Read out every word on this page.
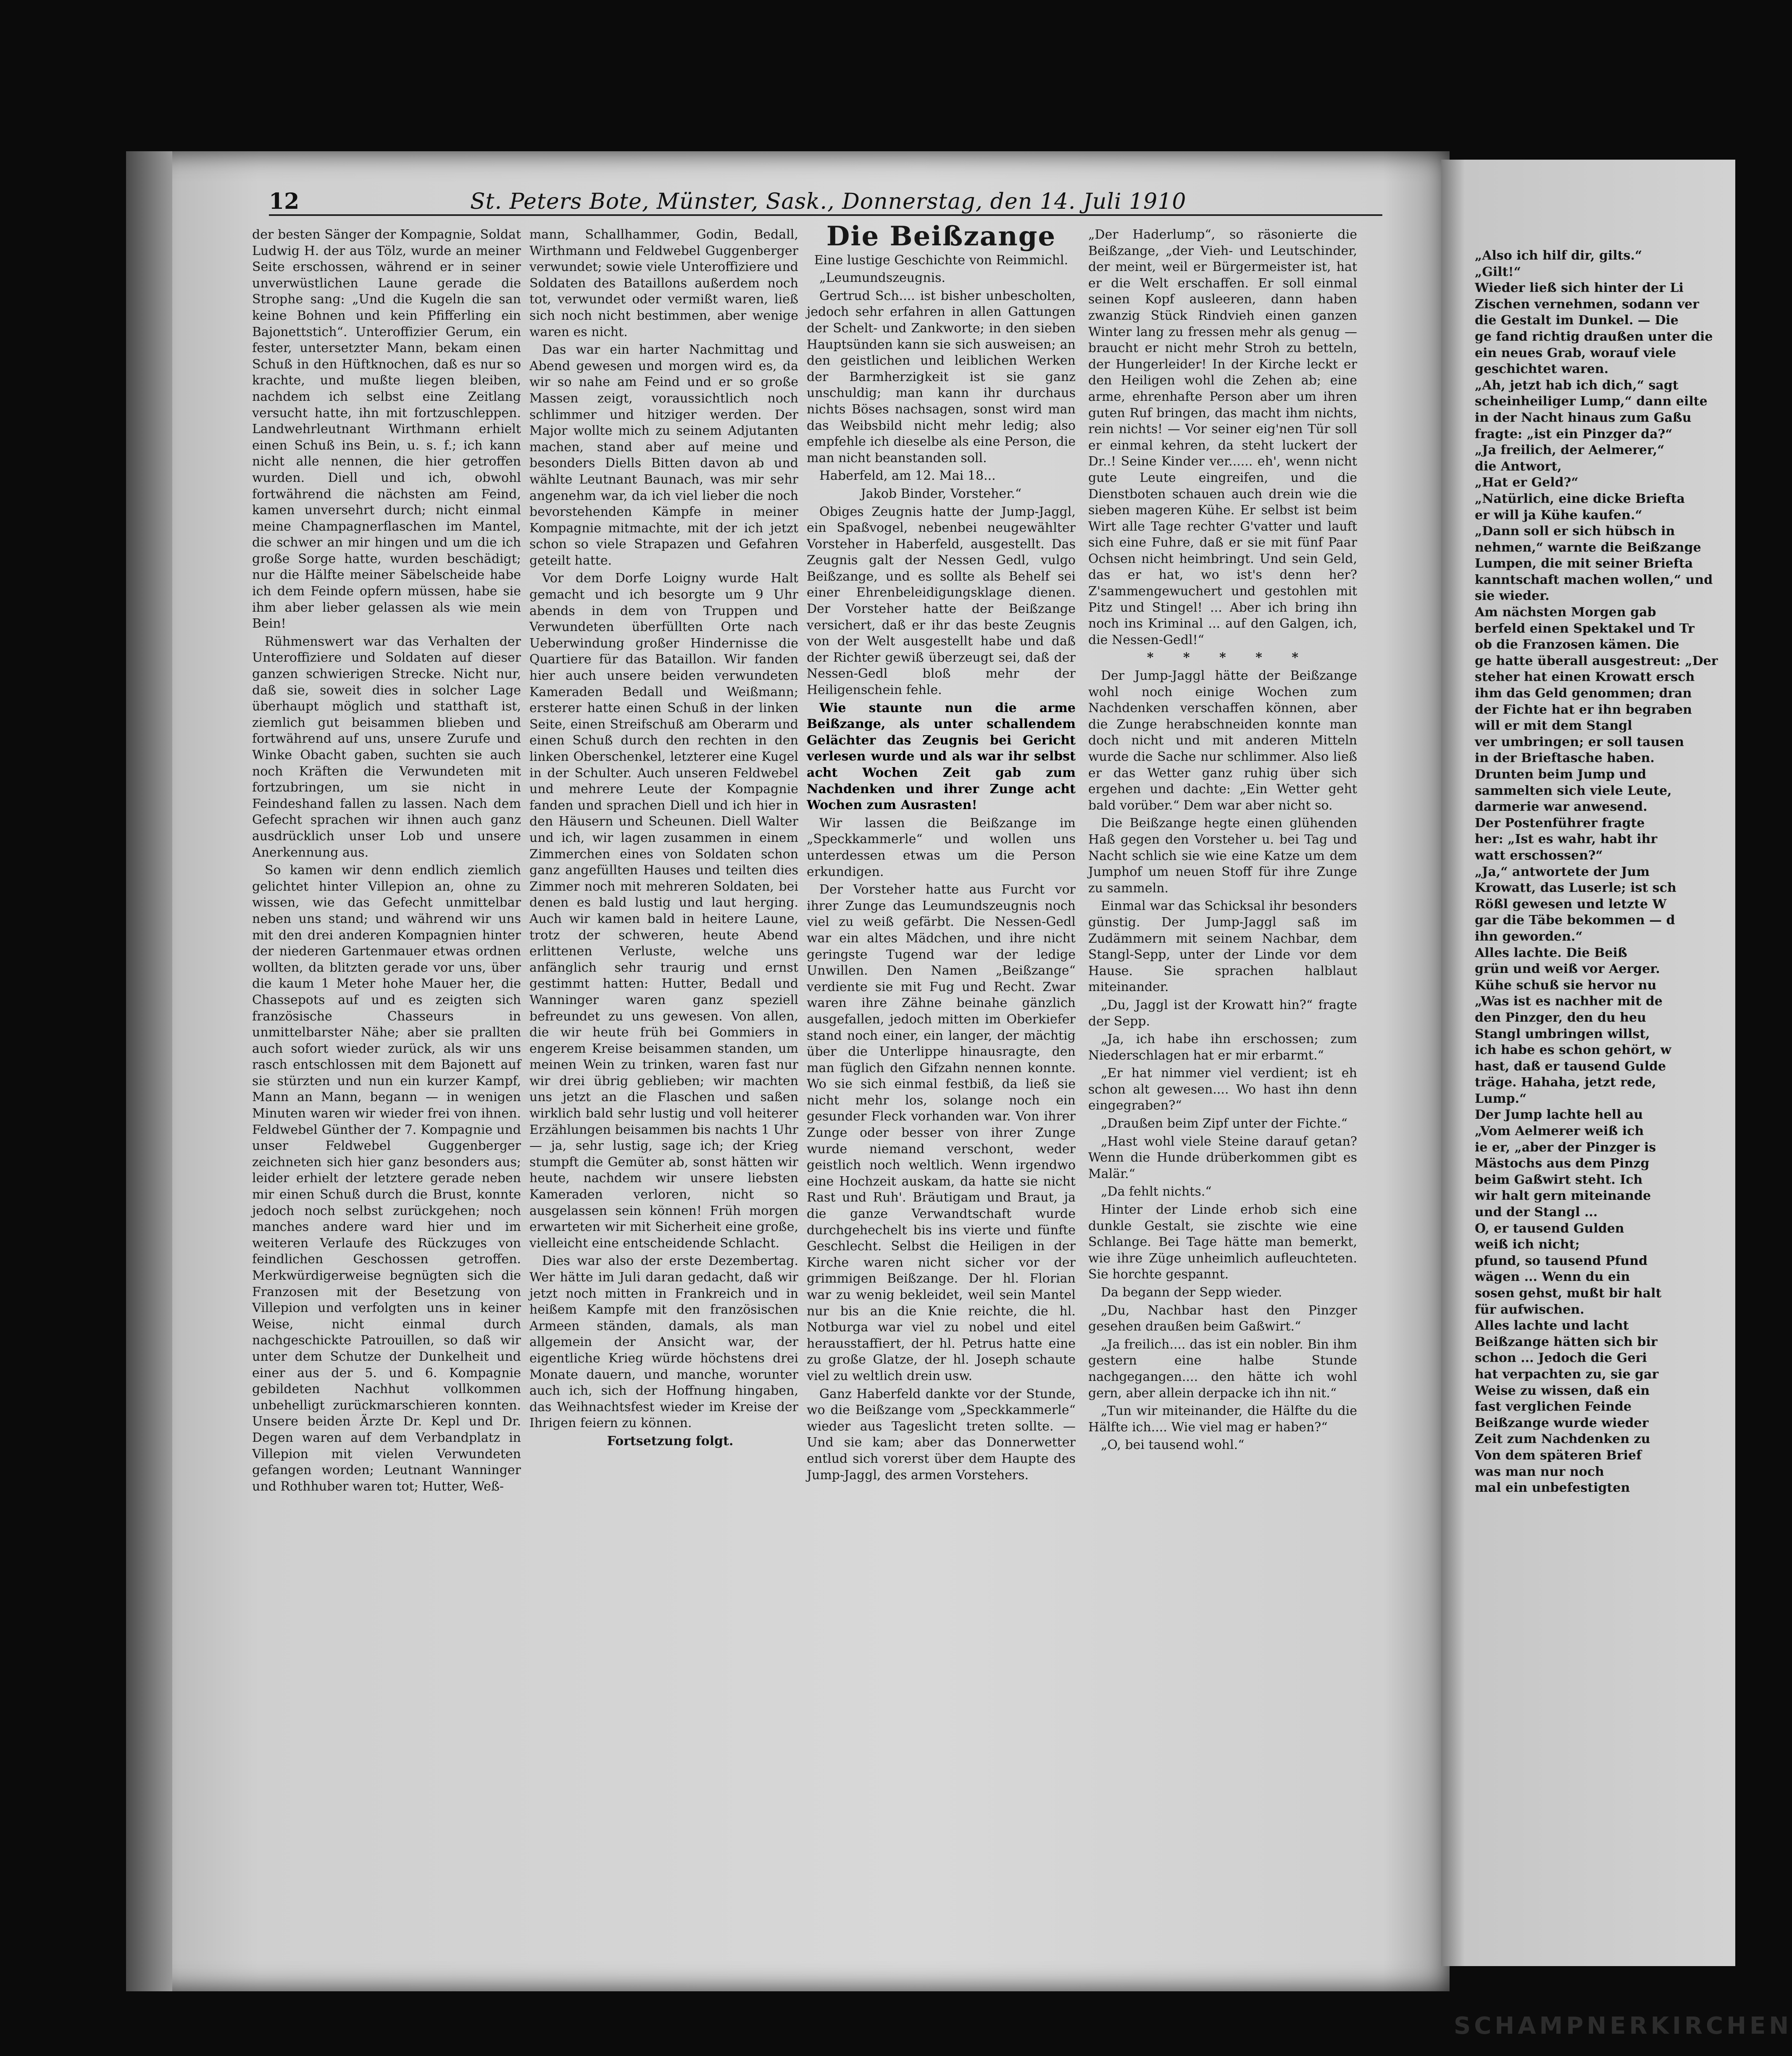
12	St. Peters Bote, Münster, Sask., Donnerstag, den 14. Juli 1910

der besten Sänger der Kompagnie, Soldat Ludwig H. der aus Tölz, wurde an meiner Seite erschossen, während er in seiner unverwüstlichen Laune gerade die Strophe sang: „Und die Kugeln die san keine Bohnen und kein Pfifferling ein Bajonettstich“. Unteroffizier Gerum, ein fester, untersetzter Mann, bekam einen Schuß in den Hüftknochen, daß es nur so krachte, und mußte liegen bleiben, nachdem ich selbst eine Zeitlang versucht hatte, ihn mit fortzuschleppen. Landwehrleutnant Wirthmann erhielt einen Schuß ins Bein, u. s. f.; ich kann nicht alle nennen, die hier getroffen wurden. Diell und ich, obwohl fortwährend die nächsten am Feind, kamen unversehrt durch; nicht einmal meine Champagnerflaschen im Mantel, die schwer an mir hingen und um die ich große Sorge hatte, wurden beschädigt; nur die Hälfte meiner Säbelscheide habe ich dem Feinde opfern müssen, habe sie ihm aber lieber gelassen als wie mein Bein!

Rühmenswert war das Verhalten der Unteroffiziere und Soldaten auf dieser ganzen schwierigen Strecke. Nicht nur, daß sie, soweit dies in solcher Lage überhaupt möglich und statthaft ist, ziemlich gut beisammen blieben und fortwährend auf uns, unsere Zurufe und Winke Obacht gaben, suchten sie auch noch Kräften die Verwundeten mit fortzubringen, um sie nicht in Feindeshand fallen zu lassen. Nach dem Gefecht sprachen wir ihnen auch ganz ausdrücklich unser Lob und unsere Anerkennung aus.

So kamen wir denn endlich ziemlich gelichtet hinter Villepion an, ohne zu wissen, wie das Gefecht unmittelbar neben uns stand; und während wir uns mit den drei anderen Kompagnien hinter der niederen Gartenmauer etwas ordnen wollten, da blitzten gerade vor uns, über die kaum 1 Meter hohe Mauer her, die Chassepots auf und es zeigten sich französische Chasseurs in unmittelbarster Nähe; aber sie prallten auch sofort wieder zurück, als wir uns rasch entschlossen mit dem Bajonett auf sie stürzten und nun ein kurzer Kampf, Mann an Mann, begann — in wenigen Minuten waren wir wieder frei von ihnen. Feldwebel Günther der 7. Kompagnie und unser Feldwebel Guggenberger zeichneten sich hier ganz besonders aus; leider erhielt der letztere gerade neben mir einen Schuß durch die Brust, konnte jedoch noch selbst zurückgehen; noch manches andere ward hier und im weiteren Verlaufe des Rückzuges von feindlichen Geschossen getroffen. Merkwürdigerweise begnügten sich die Franzosen mit der Besetzung von Villepion und verfolgten uns in keiner Weise, nicht einmal durch nachgeschickte Patrouillen, so daß wir unter dem Schutze der Dunkelheit und einer aus der 5. und 6. Kompagnie gebildeten Nachhut vollkommen unbehelligt zurückmarschieren konnten. Unsere beiden Ärzte Dr. Kepl und Dr. Degen waren auf dem Verbandplatz in Villepion mit vielen Verwundeten gefangen worden; Leutnant Wanninger und Rothhuber waren tot; Hutter, Weß-

mann, Schallhammer, Godin, Bedall, Wirthmann und Feldwebel Guggenberger verwundet; sowie viele Unteroffiziere und Soldaten des Bataillons außerdem noch tot, verwundet oder vermißt waren, ließ sich noch nicht bestimmen, aber wenige waren es nicht.

Das war ein harter Nachmittag und Abend gewesen und morgen wird es, da wir so nahe am Feind und er so große Massen zeigt, voraussichtlich noch schlimmer und hitziger werden. Der Major wollte mich zu seinem Adjutanten machen, stand aber auf meine und besonders Diells Bitten davon ab und wählte Leutnant Baunach, was mir sehr angenehm war, da ich viel lieber die noch bevorstehenden Kämpfe in meiner Kompagnie mitmachte, mit der ich jetzt schon so viele Strapazen und Gefahren geteilt hatte.

Vor dem Dorfe Loigny wurde Halt gemacht und ich besorgte um 9 Uhr abends in dem von Truppen und Verwundeten überfüllten Orte nach Ueberwindung großer Hindernisse die Quartiere für das Bataillon. Wir fanden hier auch unsere beiden verwundeten Kameraden Bedall und Weißmann; ersterer hatte einen Schuß in der linken Seite, einen Streifschuß am Oberarm und einen Schuß durch den rechten in den linken Oberschenkel, letzterer eine Kugel in der Schulter. Auch unseren Feldwebel und mehrere Leute der Kompagnie fanden und sprachen Diell und ich hier in den Häusern und Scheunen. Diell Walter und ich, wir lagen zusammen in einem Zimmerchen eines von Soldaten schon ganz angefüllten Hauses und teilten dies Zimmer noch mit mehreren Soldaten, bei denen es bald lustig und laut herging. Auch wir kamen bald in heitere Laune, trotz der schweren, heute Abend erlittenen Verluste, welche uns anfänglich sehr traurig und ernst gestimmt hatten: Hutter, Bedall und Wanninger waren ganz speziell befreundet zu uns gewesen. Von allen, die wir heute früh bei Gommiers in engerem Kreise beisammen standen, um meinen Wein zu trinken, waren fast nur wir drei übrig geblieben; wir machten uns jetzt an die Flaschen und saßen wirklich bald sehr lustig und voll heiterer Erzählungen beisammen bis nachts 1 Uhr — ja, sehr lustig, sage ich; der Krieg stumpft die Gemüter ab, sonst hätten wir heute, nachdem wir unsere liebsten Kameraden verloren, nicht so ausgelassen sein können! Früh morgen erwarteten wir mit Sicherheit eine große, vielleicht eine entscheidende Schlacht.

Dies war also der erste Dezembertag. Wer hätte im Juli daran gedacht, daß wir jetzt noch mitten in Frankreich und in heißem Kampfe mit den französischen Armeen ständen, damals, als man allgemein der Ansicht war, der eigentliche Krieg würde höchstens drei Monate dauern, und manche, worunter auch ich, sich der Hoffnung hingaben, das Weihnachtsfest wieder im Kreise der Ihrigen feiern zu können.

Fortsetzung folgt.

Die Beißzange

Eine lustige Geschichte von Reimmichl.

„Leumundszeugnis.

Gertrud Sch.... ist bisher unbescholten, jedoch sehr erfahren in allen Gattungen der Schelt- und Zankworte; in den sieben Hauptsünden kann sie sich ausweisen; an den geistlichen und leiblichen Werken der Barmherzigkeit ist sie ganz unschuldig; man kann ihr durchaus nichts Böses nachsagen, sonst wird man das Weibsbild nicht mehr ledig; also empfehle ich dieselbe als eine Person, die man nicht beanstanden soll.

Haberfeld, am 12. Mai 18...

Jakob Binder, Vorsteher.“

Obiges Zeugnis hatte der Jump-Jaggl, ein Spaßvogel, nebenbei neugewählter Vorsteher in Haberfeld, ausgestellt. Das Zeugnis galt der Nessen Gedl, vulgo Beißzange, und es sollte als Behelf sei einer Ehrenbeleidigungsklage dienen. Der Vorsteher hatte der Beißzange versichert, daß er ihr das beste Zeugnis von der Welt ausgestellt habe und daß der Richter gewiß überzeugt sei, daß der Nessen-Gedl bloß mehr der Heiligenschein fehle.

Wie staunte nun die arme Beißzange, als unter schallendem Gelächter das Zeugnis bei Gericht verlesen wurde und als war ihr selbst acht Wochen Zeit gab zum Nachdenken und ihrer Zunge acht Wochen zum Ausrasten!

Wir lassen die Beißzange im „Speckkammerle“ und wollen uns unterdessen etwas um die Person erkundigen.

Der Vorsteher hatte aus Furcht vor ihrer Zunge das Leumundszeugnis noch viel zu weiß gefärbt. Die Nessen-Gedl war ein altes Mädchen, und ihre nicht geringste Tugend war der ledige Unwillen. Den Namen „Beißzange“ verdiente sie mit Fug und Recht. Zwar waren ihre Zähne beinahe gänzlich ausgefallen, jedoch mitten im Oberkiefer stand noch einer, ein langer, der mächtig über die Unterlippe hinausragte, den man füglich den Gifzahn nennen konnte. Wo sie sich einmal festbiß, da ließ sie nicht mehr los, solange noch ein gesunder Fleck vorhanden war. Von ihrer Zunge oder besser von ihrer Zunge wurde niemand verschont, weder geistlich noch weltlich. Wenn irgendwo eine Hochzeit auskam, da hatte sie nicht Rast und Ruh'. Bräutigam und Braut, ja die ganze Verwandtschaft wurde durchgehechelt bis ins vierte und fünfte Geschlecht. Selbst die Heiligen in der Kirche waren nicht sicher vor der grimmigen Beißzange. Der hl. Florian war zu wenig bekleidet, weil sein Mantel nur bis an die Knie reichte, die hl. Notburga war viel zu nobel und eitel herausstaffiert, der hl. Petrus hatte eine zu große Glatze, der hl. Joseph schaute viel zu weltlich drein usw.

Ganz Haberfeld dankte vor der Stunde, wo die Beißzange vom „Speckkammerle“ wieder aus Tageslicht treten sollte. — Und sie kam; aber das Donnerwetter entlud sich vorerst über dem Haupte des Jump-Jaggl, des armen Vorstehers.

„Der Haderlump“, so räsonierte die Beißzange, „der Vieh- und Leutschinder, der meint, weil er Bürgermeister ist, hat er die Welt erschaffen. Er soll einmal seinen Kopf ausleeren, dann haben zwanzig Stück Rindvieh einen ganzen Winter lang zu fressen mehr als genug — braucht er nicht mehr Stroh zu betteln, der Hungerleider! In der Kirche leckt er den Heiligen wohl die Zehen ab; eine arme, ehrenhafte Person aber um ihren guten Ruf bringen, das macht ihm nichts, rein nichts! — Vor seiner eig'nen Tür soll er einmal kehren, da steht luckert der Dr..! Seine Kinder ver...... eh', wenn nicht gute Leute eingreifen, und die Dienstboten schauen auch drein wie die sieben mageren Kühe. Er selbst ist beim Wirt alle Tage rechter G'vatter und lauft sich eine Fuhre, daß er sie mit fünf Paar Ochsen nicht heimbringt. Und sein Geld, das er hat, wo ist's denn her? Z'sammengewuchert und gestohlen mit Pitz und Stingel! ... Aber ich bring ihn noch ins Kriminal ... auf den Galgen, ich, die Nessen-Gedl!“

* * * * *

Der Jump-Jaggl hätte der Beißzange wohl noch einige Wochen zum Nachdenken verschaffen können, aber die Zunge herabschneiden konnte man doch nicht und mit anderen Mitteln wurde die Sache nur schlimmer. Also ließ er das Wetter ganz ruhig über sich ergehen und dachte: „Ein Wetter geht bald vorüber.“ Dem war aber nicht so.

Die Beißzange hegte einen glühenden Haß gegen den Vorsteher u. bei Tag und Nacht schlich sie wie eine Katze um dem Jumphof um neuen Stoff für ihre Zunge zu sammeln.

Einmal war das Schicksal ihr besonders günstig. Der Jump-Jaggl saß im Zudämmern mit seinem Nachbar, dem Stangl-Sepp, unter der Linde vor dem Hause. Sie sprachen halblaut miteinander.

„Du, Jaggl ist der Krowatt hin?“ fragte der Sepp.

„Ja, ich habe ihn erschossen; zum Niederschlagen hat er mir erbarmt.“

„Er hat nimmer viel verdient; ist eh schon alt gewesen.... Wo hast ihn denn eingegraben?“

„Draußen beim Zipf unter der Fichte.“

„Hast wohl viele Steine darauf getan? Wenn die Hunde drüberkommen gibt es Malär.“

„Da fehlt nichts.“

Hinter der Linde erhob sich eine dunkle Gestalt, sie zischte wie eine Schlange. Bei Tage hätte man bemerkt, wie ihre Züge unheimlich aufleuchteten. Sie horchte gespannt.

Da begann der Sepp wieder.

„Du, Nachbar hast den Pinzger gesehen draußen beim Gaßwirt.“

„Ja freilich.... das ist ein nobler. Bin ihm gestern eine halbe Stunde nachgegangen.... den hätte ich wohl gern, aber allein derpacke ich ihn nit.“

„Tun wir miteinander, die Hälfte du die Hälfte ich.... Wie viel mag er haben?“

„O, bei tausend wohl.“

„Also ich hilf dir, gilts.“
„Gilt!“
Wieder ließ sich hinter der Li
Zischen vernehmen, sodann ver
die Gestalt im Dunkel. — Die
ge fand richtig draußen unter die
ein neues Grab, worauf viele
geschichtet waren.
„Ah, jetzt hab ich dich,“ sagt
scheinheiliger Lump,“ dann eilte
in der Nacht hinaus zum Gaßu
fragte: „ist ein Pinzger da?“
„Ja freilich, der Aelmerer,“
die Antwort,
„Hat er Geld?“
„Natürlich, eine dicke Briefta
er will ja Kühe kaufen.“
„Dann soll er sich hübsch in
nehmen,“ warnte die Beißzange
Lumpen, die mit seiner Briefta
kanntschaft machen wollen,“ und
sie wieder.
Am nächsten Morgen gab
berfeld einen Spektakel und Tr
ob die Franzosen kämen. Die
ge hatte überall ausgestreut: „Der
steher hat einen Krowatt ersch
ihm das Geld genommen; dran
der Fichte hat er ihn begraben
will er mit dem Stangl
ver umbringen; er soll tausen
in der Brieftasche haben.
Drunten beim Jump und
sammelten sich viele Leute,
darmerie war anwesend.
Der Postenführer fragte
her: „Ist es wahr, habt ihr
watt erschossen?“
„Ja,“ antwortete der Jum
Krowatt, das Luserle; ist sch
Rößl gewesen und letzte W
gar die Täbe bekommen — d
ihn geworden.“
Alles lachte. Die Beiß
grün und weiß vor Aerger.
Kühe schuß sie hervor nu
„Was ist es nachher mit de
den Pinzger, den du heu
Stangl umbringen willst,
ich habe es schon gehört, w
hast, daß er tausend Gulde
träge. Hahaha, jetzt rede,
Lump.“
Der Jump lachte hell au
„Vom Aelmerer weiß ich
ie er, „aber der Pinzger is
Mästochs aus dem Pinzg
beim Gaßwirt steht. Ich
wir halt gern miteinande
und der Stangl ...
O, er tausend Gulden
weiß ich nicht;
pfund, so tausend Pfund
wägen ... Wenn du ein
sosen gehst, mußt bir halt
für aufwischen.
Alles lachte und lacht
Beißzange hätten sich bir
schon ... Jedoch die Geri
hat verpachten zu, sie gar
Weise zu wissen, daß ein
fast verglichen Feinde
Beißzange wurde wieder
Zeit zum Nachdenken zu
Von dem späteren Brief
was man nur noch
mal ein unbefestigten
SCHAMPNERKIRCHEN
